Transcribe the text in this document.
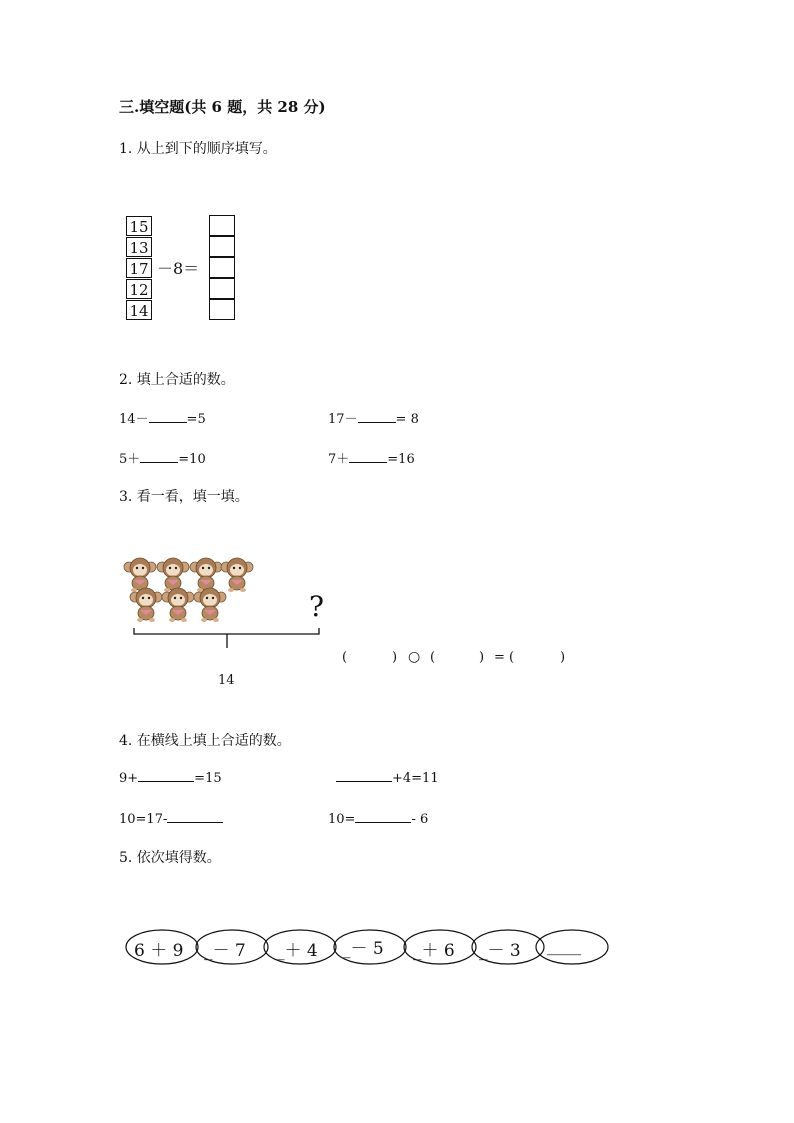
三.填空题(共 6 题，共 28 分)
1. 从上到下的顺序填写。
15
13
17
12
14
－8＝
2. 填上合适的数。
14－	=5	17－	= 8
5＋	=10	7＋	=16
3. 看一看，填一填。
?
14
(	) ○ (	) = (	)
4. 在横线上填上合适的数。
9+	=15	+4=11
10=17-	10=	- 6
5. 依次填得数。
6 ＋ 9 _－ 7 _＋ 4 _－ 5 _＋ 6 _－ 3 ____
